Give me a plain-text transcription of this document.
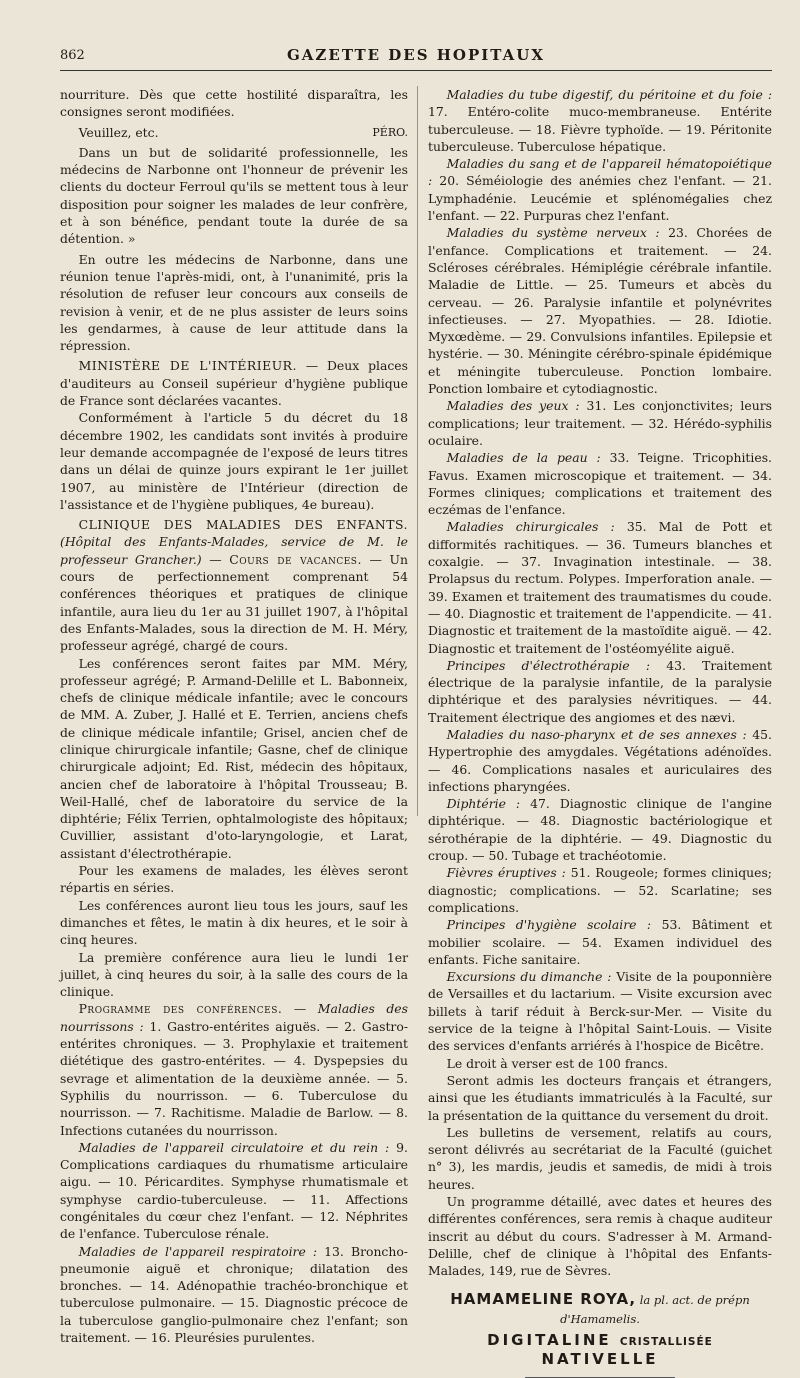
862	GAZETTE DES HOPITAUX

nourriture. Dès que cette hostilité disparaîtra, les consignes seront modifiées.

Veuillez, etc.	PÉRO.

Dans un but de solidarité professionnelle, les médecins de Narbonne ont l'honneur de prévenir les clients du docteur Ferroul qu'ils se mettent tous à leur disposition pour soigner les malades de leur confrère, et à son bénéfice, pendant toute la durée de sa détention. »

En outre les médecins de Narbonne, dans une réunion tenue l'après-midi, ont, à l'unanimité, pris la résolution de refuser leur concours aux conseils de revision à venir, et de ne plus assister de leurs soins les gendarmes, à cause de leur attitude dans la répression.

MINISTÈRE DE L'INTÉRIEUR. — Deux places d'auditeurs au Conseil supérieur d'hygiène publique de France sont déclarées vacantes.

Conformément à l'article 5 du décret du 18 décembre 1902, les candidats sont invités à produire leur demande accompagnée de l'exposé de leurs titres dans un délai de quinze jours expirant le 1er juillet 1907, au ministère de l'Intérieur (direction de l'assistance et de l'hygiène publiques, 4e bureau).

CLINIQUE DES MALADIES DES ENFANTS. (Hôpital des Enfants-Malades, service de M. le professeur Grancher.) — Cours de vacances. — Un cours de perfectionnement comprenant 54 conférences théoriques et pratiques de clinique infantile, aura lieu du 1er au 31 juillet 1907, à l'hôpital des Enfants-Malades, sous la direction de M. H. Méry, professeur agrégé, chargé de cours.

Les conférences seront faites par MM. Méry, professeur agrégé; P. Armand-Delille et L. Babonneix, chefs de clinique médicale infantile; avec le concours de MM. A. Zuber, J. Hallé et E. Terrien, anciens chefs de clinique médicale infantile; Grisel, ancien chef de clinique chirurgicale infantile; Gasne, chef de clinique chirurgicale adjoint; Ed. Rist, médecin des hôpitaux, ancien chef de laboratoire à l'hôpital Trousseau; B. Weil-Hallé, chef de laboratoire du service de la diphtérie; Félix Terrien, ophtalmologiste des hôpitaux; Cuvillier, assistant d'oto-laryngologie, et Larat, assistant d'électrothérapie.

Pour les examens de malades, les élèves seront répartis en séries.

Les conférences auront lieu tous les jours, sauf les dimanches et fêtes, le matin à dix heures, et le soir à cinq heures.

La première conférence aura lieu le lundi 1er juillet, à cinq heures du soir, à la salle des cours de la clinique.

Programme des conférences. — Maladies des nourrissons : 1. Gastro-entérites aiguës. — 2. Gastro-entérites chroniques. — 3. Prophylaxie et traitement diététique des gastro-entérites. — 4. Dyspepsies du sevrage et alimentation de la deuxième année. — 5. Syphilis du nourrisson. — 6. Tuberculose du nourrisson. — 7. Rachitisme. Maladie de Barlow. — 8. Infections cutanées du nourrisson.

Maladies de l'appareil circulatoire et du rein : 9. Complications cardiaques du rhumatisme articulaire aigu. — 10. Péricardites. Symphyse rhumatismale et symphyse cardio-tuberculeuse. — 11. Affections congénitales du cœur chez l'enfant. — 12. Néphrites de l'enfance. Tuberculose rénale.

Maladies de l'appareil respiratoire : 13. Broncho-pneumonie aiguë et chronique; dilatation des bronches. — 14. Adénopathie trachéo-bronchique et tuberculose pulmonaire. — 15. Diagnostic précoce de la tuberculose ganglio-pulmonaire chez l'enfant; son traitement. — 16. Pleurésies purulentes.

Maladies du tube digestif, du péritoine et du foie : 17. Entéro-colite muco-membraneuse. Entérite tuberculeuse. — 18. Fièvre typhoïde. — 19. Péritonite tuberculeuse. Tuberculose hépatique.

Maladies du sang et de l'appareil hématopoiétique : 20. Séméiologie des anémies chez l'enfant. — 21. Lymphadénie. Leucémie et splénomégalies chez l'enfant. — 22. Purpuras chez l'enfant.

Maladies du système nerveux : 23. Chorées de l'enfance. Complications et traitement. — 24. Scléroses cérébrales. Hémiplégie cérébrale infantile. Maladie de Little. — 25. Tumeurs et abcès du cerveau. — 26. Paralysie infantile et polynévrites infectieuses. — 27. Myopathies. — 28. Idiotie. Myxœdème. — 29. Convulsions infantiles. Epilepsie et hystérie. — 30. Méningite cérébro-spinale épidémique et méningite tuberculeuse. Ponction lombaire. Ponction lombaire et cytodiagnostic.

Maladies des yeux : 31. Les conjonctivites; leurs complications; leur traitement. — 32. Hérédo-syphilis oculaire.

Maladies de la peau : 33. Teigne. Tricophities. Favus. Examen microscopique et traitement. — 34. Formes cliniques; complications et traitement des eczémas de l'enfance.

Maladies chirurgicales : 35. Mal de Pott et difformités rachitiques. — 36. Tumeurs blanches et coxalgie. — 37. Invagination intestinale. — 38. Prolapsus du rectum. Polypes. Imperforation anale. — 39. Examen et traitement des traumatismes du coude. — 40. Diagnostic et traitement de l'appendicite. — 41. Diagnostic et traitement de la mastoïdite aiguë. — 42. Diagnostic et traitement de l'ostéomyélite aiguë.

Principes d'électrothérapie : 43. Traitement électrique de la paralysie infantile, de la paralysie diphtérique et des paralysies névritiques. — 44. Traitement électrique des angiomes et des nævi.

Maladies du naso-pharynx et de ses annexes : 45. Hypertrophie des amygdales. Végétations adénoïdes. — 46. Complications nasales et auriculaires des infections pharyngées.

Diphtérie : 47. Diagnostic clinique de l'angine diphtérique. — 48. Diagnostic bactériologique et sérothérapie de la diphtérie. — 49. Diagnostic du croup. — 50. Tubage et trachéotomie.

Fièvres éruptives : 51. Rougeole; formes cliniques; diagnostic; complications. — 52. Scarlatine; ses complications.

Principes d'hygiène scolaire : 53. Bâtiment et mobilier scolaire. — 54. Examen individuel des enfants. Fiche sanitaire.

Excursions du dimanche : Visite de la pouponnière de Versailles et du lactarium. — Visite excursion avec billets à tarif réduit à Berck-sur-Mer. — Visite du service de la teigne à l'hôpital Saint-Louis. — Visite des services d'enfants arriérés à l'hospice de Bicêtre.

Le droit à verser est de 100 francs.

Seront admis les docteurs français et étrangers, ainsi que les étudiants immatriculés à la Faculté, sur la présentation de la quittance du versement du droit.

Les bulletins de versement, relatifs au cours, seront délivrés au secrétariat de la Faculté (guichet n° 3), les mardis, jeudis et samedis, de midi à trois heures.

Un programme détaillé, avec dates et heures des différentes conférences, sera remis à chaque auditeur inscrit au début du cours. S'adresser à M. Armand-Delille, chef de clinique à l'hôpital des Enfants-Malades, 149, rue de Sèvres.

HAMAMELINE ROYA, la pl. act. de prépn d'Hamamelis.
DIGITALINE CRISTALLISÉE NATIVELLE
